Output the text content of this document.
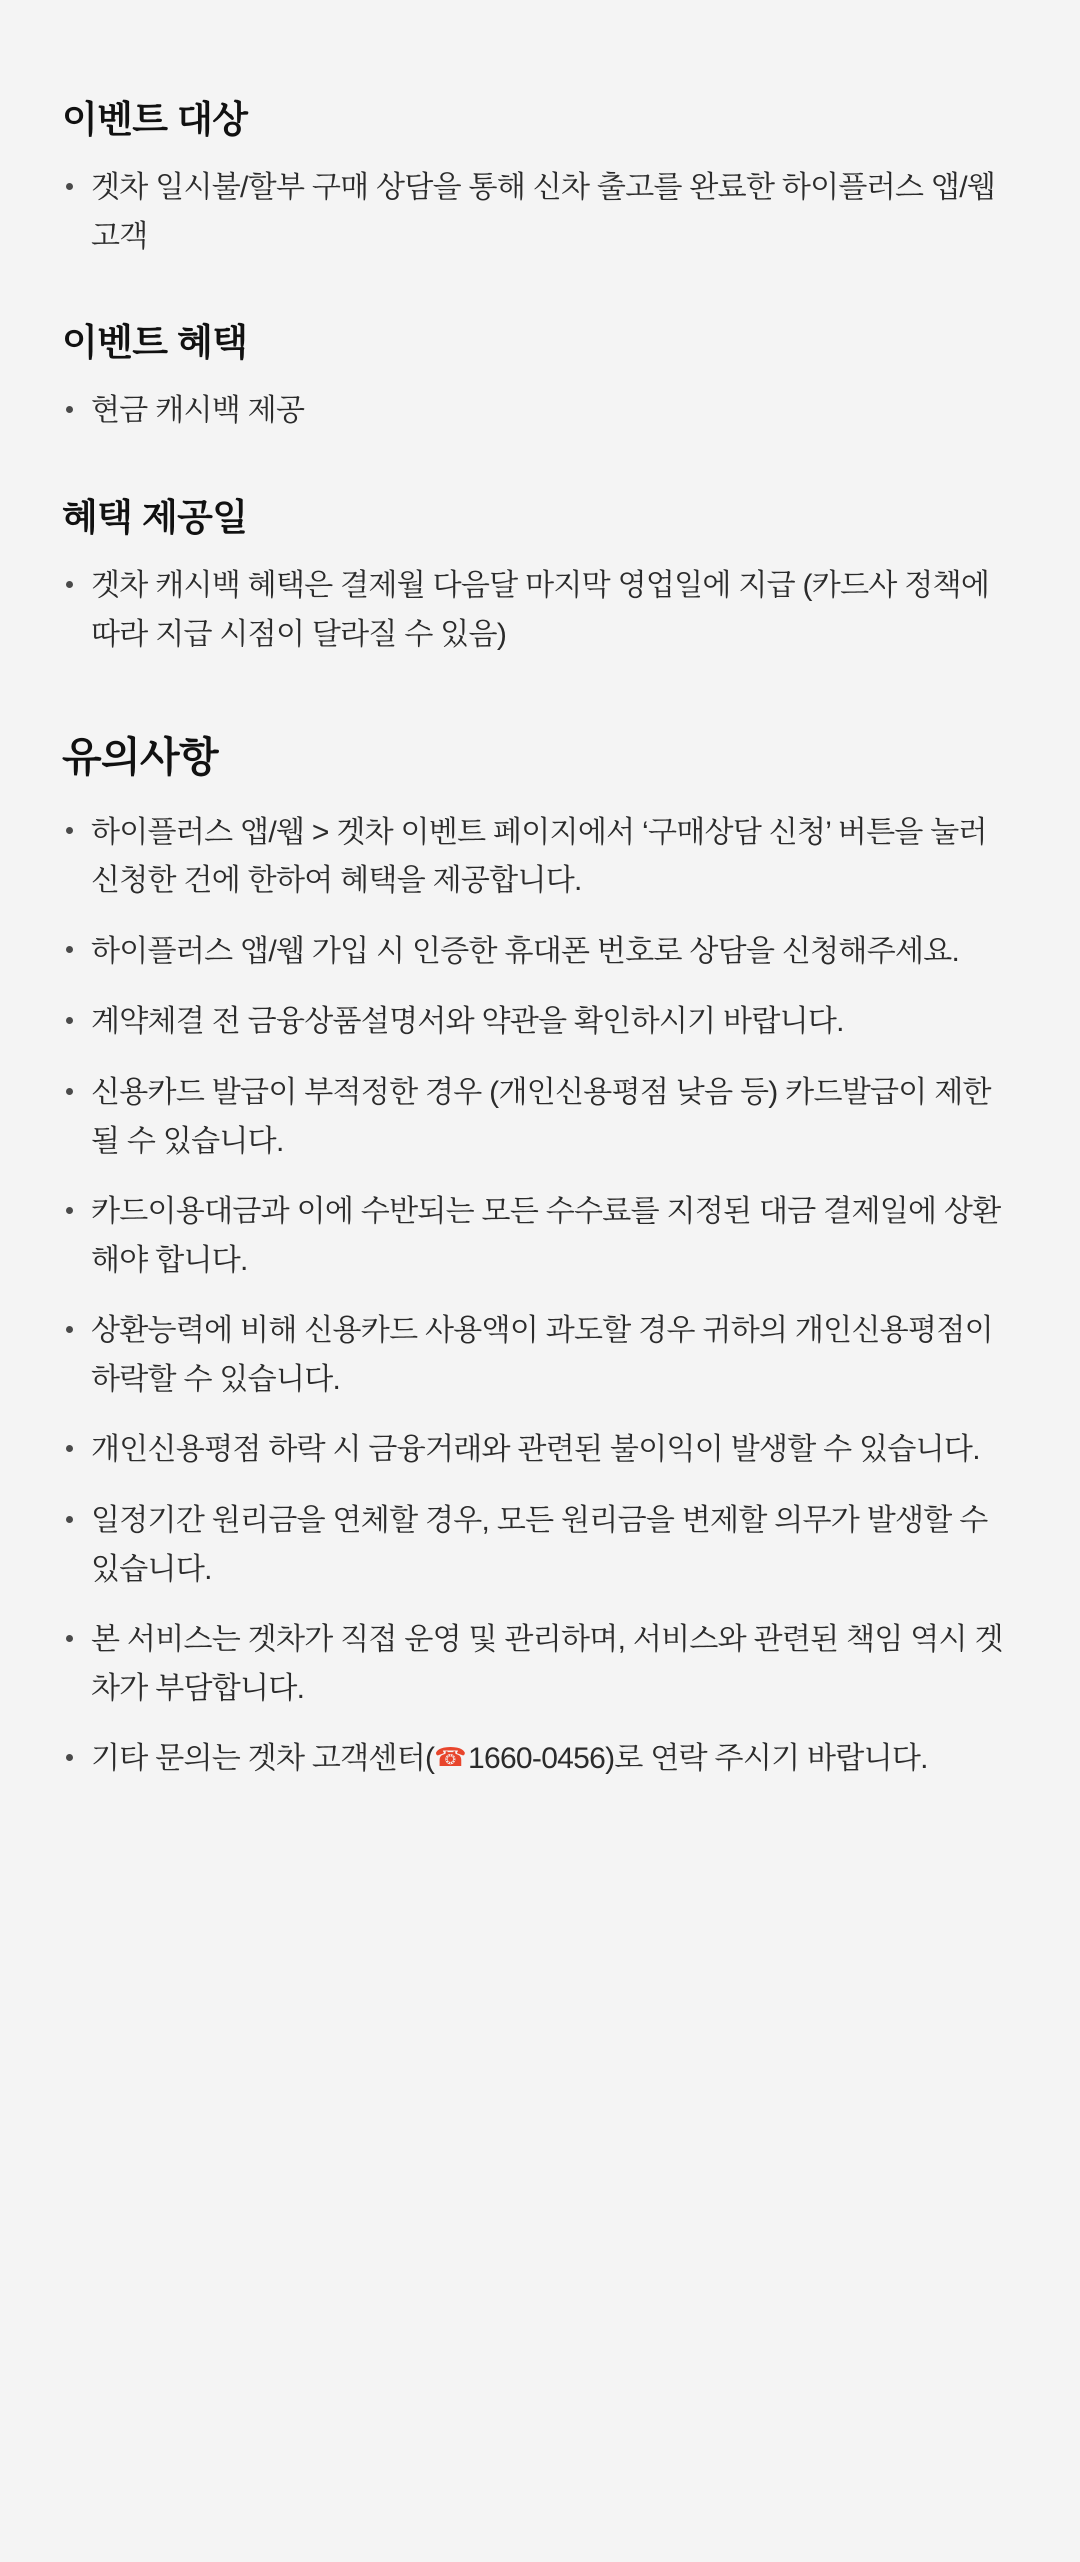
이벤트 대상
겟차 일시불/할부 구매 상담을 통해 신차 출고를 완료한 하이플러스 앱/웹 고객
이벤트 혜택
현금 캐시백 제공
혜택 제공일
겟차 캐시백 혜택은 결제월 다음달 마지막 영업일에 지급 (카드사 정책에 따라 지급 시점이 달라질 수 있음)
유의사항
하이플러스 앱/웹 > 겟차 이벤트 페이지에서 ‘구매상담 신청’ 버튼을 눌러 신청한 건에 한하여 혜택을 제공합니다.
하이플러스 앱/웹 가입 시 인증한 휴대폰 번호로 상담을 신청해주세요.
계약체결 전 금융상품설명서와 약관을 확인하시기 바랍니다.
신용카드 발급이 부적정한 경우 (개인신용평점 낮음 등) 카드발급이 제한될 수 있습니다.
카드이용대금과 이에 수반되는 모든 수수료를 지정된 대금 결제일에 상환해야 합니다.
상환능력에 비해 신용카드 사용액이 과도할 경우 귀하의 개인신용평점이 하락할 수 있습니다.
개인신용평점 하락 시 금융거래와 관련된 불이익이 발생할 수 있습니다.
일정기간 원리금을 연체할 경우, 모든 원리금을 변제할 의무가 발생할 수 있습니다.
본 서비스는 겟차가 직접 운영 및 관리하며, 서비스와 관련된 책임 역시 겟차가 부담합니다.
기타 문의는 겟차 고객센터(☎1660-0456)로 연락 주시기 바랍니다.
